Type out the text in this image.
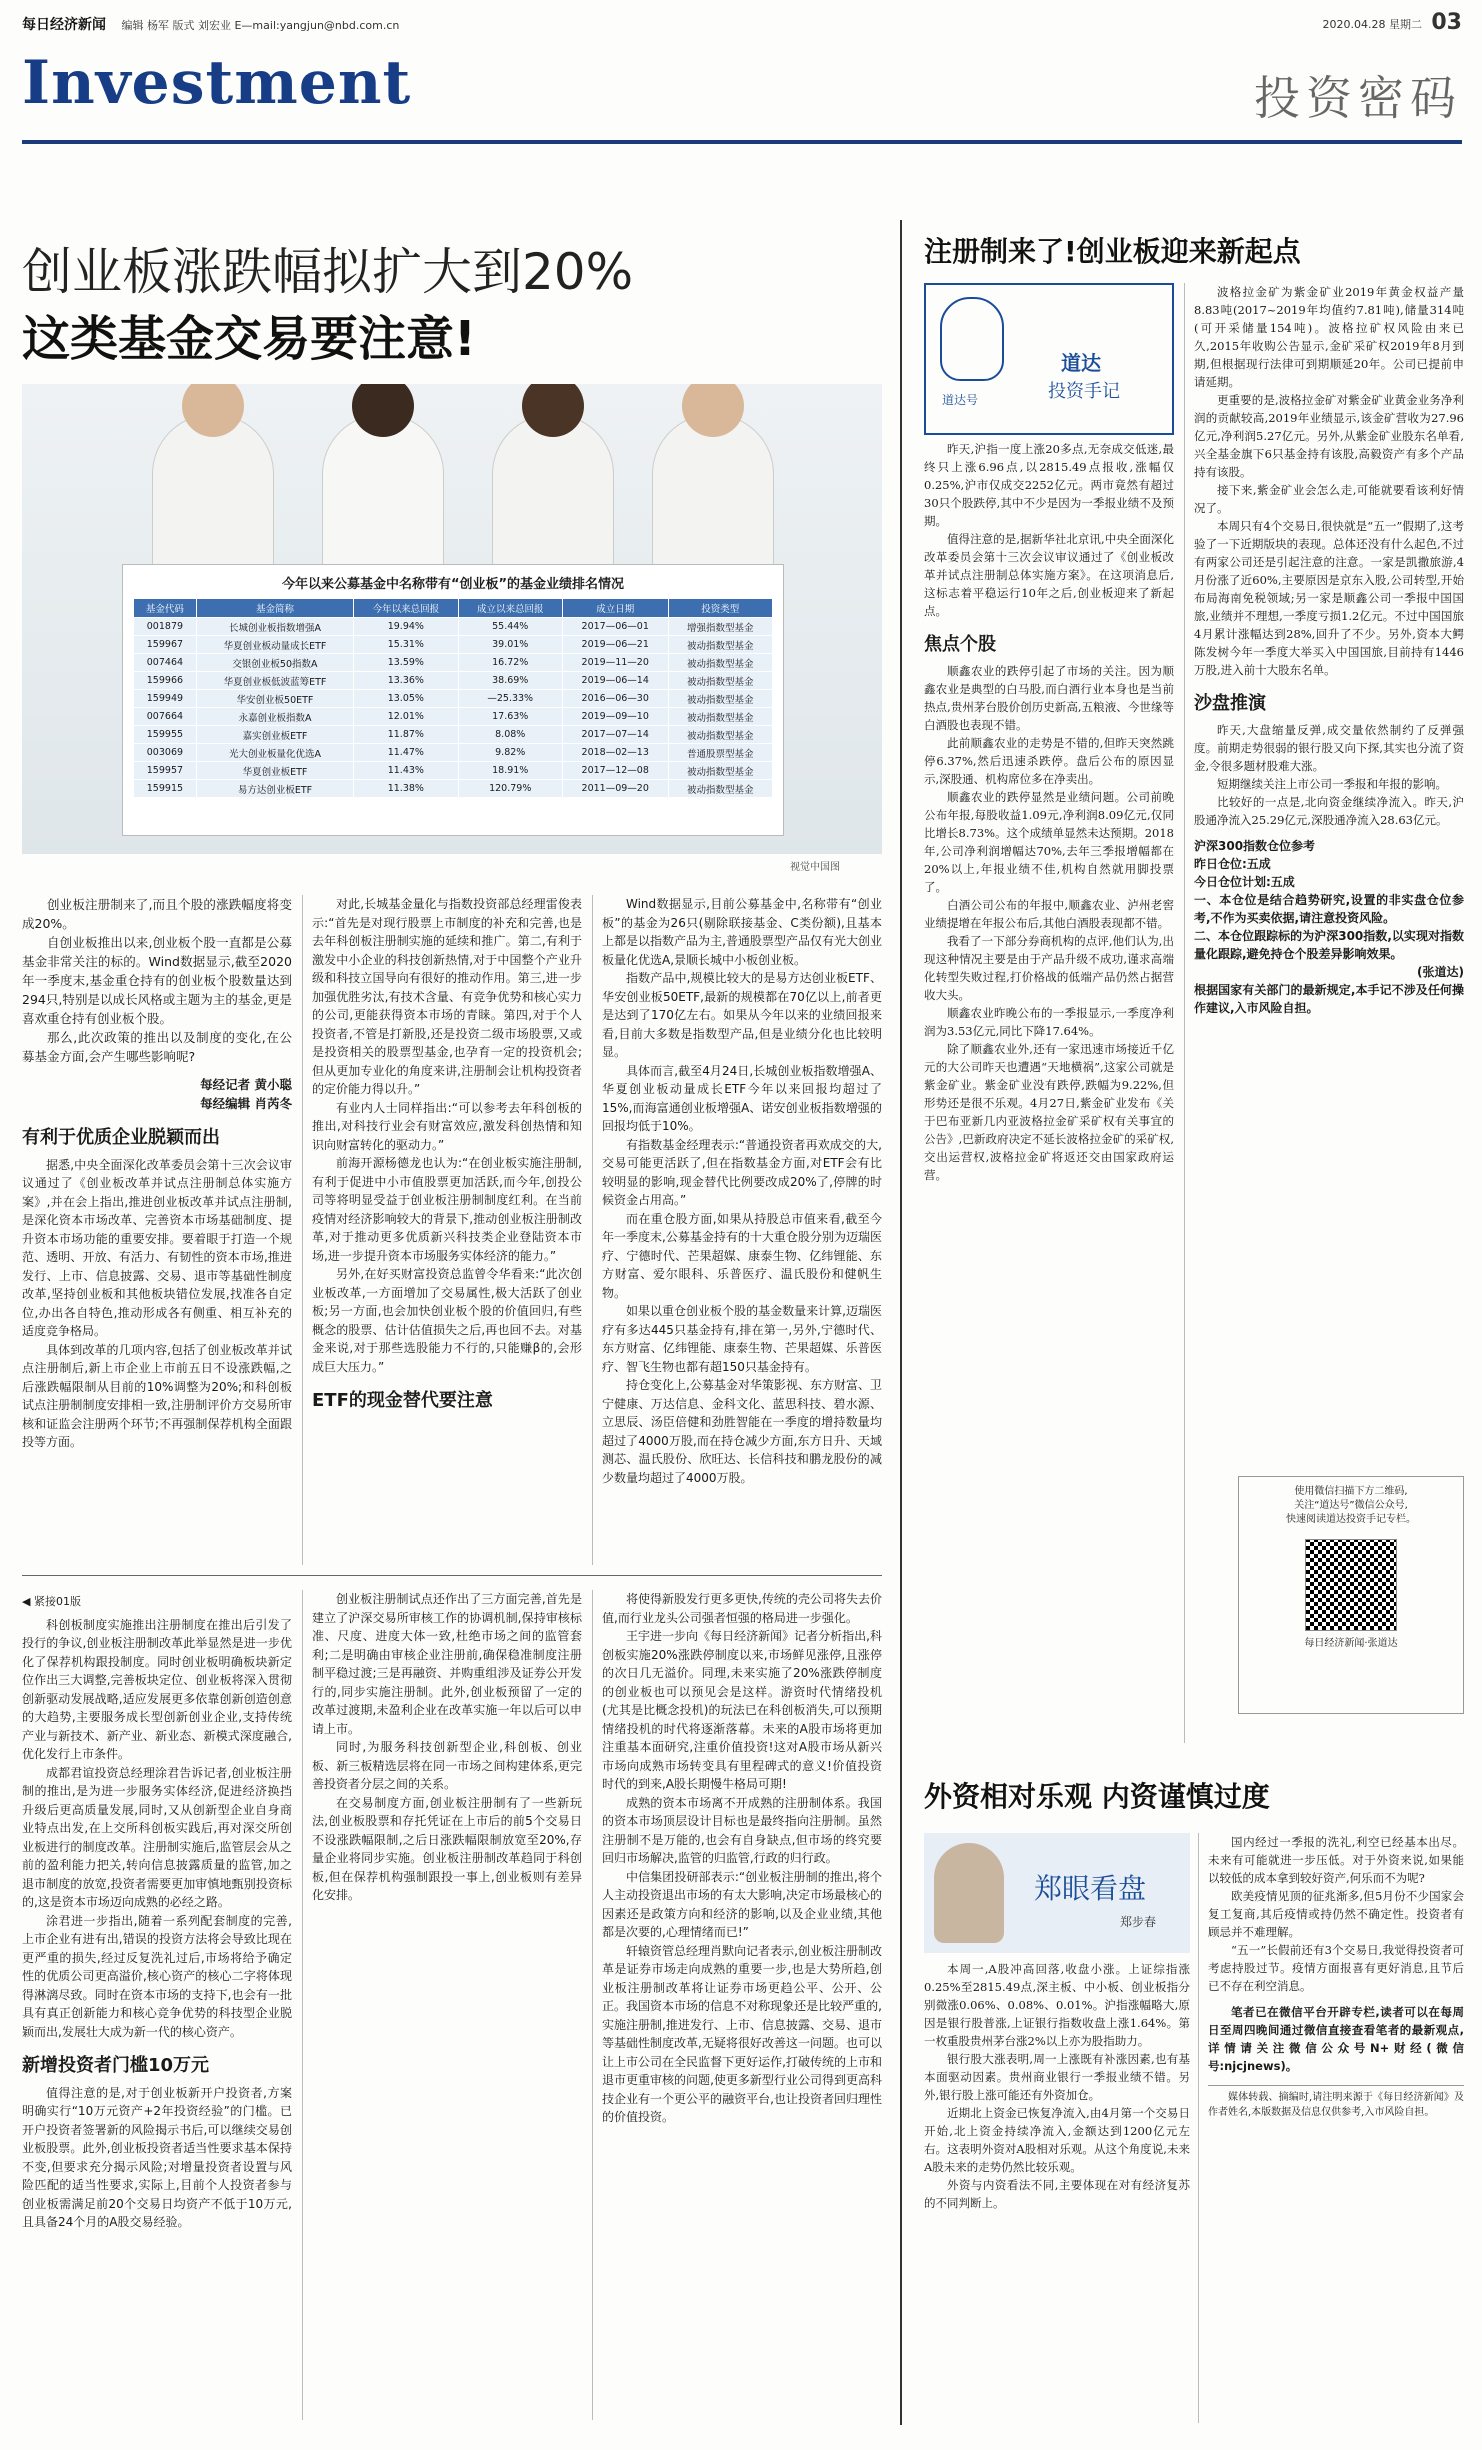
每日经济新闻 编辑 杨军 版式 刘宏业 E—mail:yangjun@nbd.com.cn	2020.04.28 星期二 03
Investment	投资密码
创业板涨跌幅拟扩大到20%
这类基金交易要注意!
今年以来公募基金中名称带有“创业板”的基金业绩排名情况
基金代码	基金简称	今年以来总回报	成立以来总回报	成立日期	投资类型
001879	长城创业板指数增强A	19.94%	55.44%	2017—06—01	增强指数型基金
159967	华夏创业板动量成长ETF	15.31%	39.01%	2019—06—21	被动指数型基金
007464	交银创业板50指数A	13.59%	16.72%	2019—11—20	被动指数型基金
159966	华夏创业板低波蓝筹ETF	13.36%	38.69%	2019—06—14	被动指数型基金
159949	华安创业板50ETF	13.05%	—25.33%	2016—06—30	被动指数型基金
007664	永嘉创业板指数A	12.01%	17.63%	2019—09—10	被动指数型基金
159955	嘉实创业板ETF	11.87%	8.08%	2017—07—14	被动指数型基金
003069	光大创业板量化优选A	11.47%	9.82%	2018—02—13	普通股票型基金
159957	华夏创业板ETF	11.43%	18.91%	2017—12—08	被动指数型基金
159915	易方达创业板ETF	11.38%	120.79%	2011—09—20	被动指数型基金
视觉中国图

创业板注册制来了,而且个股的涨跌幅度将变成20%。

自创业板推出以来,创业板个股一直都是公募基金非常关注的标的。Wind数据显示,截至2020年一季度末,基金重仓持有的创业板个股数量达到294只,特别是以成长风格或主题为主的基金,更是喜欢重仓持有创业板个股。

那么,此次政策的推出以及制度的变化,在公募基金方面,会产生哪些影响呢?

每经记者 黄小聪
每经编辑 肖芮冬
有利于优质企业脱颖而出

据悉,中央全面深化改革委员会第十三次会议审议通过了《创业板改革并试点注册制总体实施方案》,并在会上指出,推进创业板改革并试点注册制,是深化资本市场改革、完善资本市场基础制度、提升资本市场功能的重要安排。要着眼于打造一个规范、透明、开放、有活力、有韧性的资本市场,推进发行、上市、信息披露、交易、退市等基础性制度改革,坚持创业板和其他板块错位发展,找准各自定位,办出各自特色,推动形成各有侧重、相互补充的适度竞争格局。

具体到改革的几项内容,包括了创业板改革并试点注册制后,新上市企业上市前五日不设涨跌幅,之后涨跌幅限制从目前的10%调整为20%;和科创板试点注册制制度安排相一致,注册制评价方交易所审核和证监会注册两个环节;不再强制保荐机构全面跟投等方面。

对此,长城基金量化与指数投资部总经理雷俊表示:“首先是对现行股票上市制度的补充和完善,也是去年科创板注册制实施的延续和推广。第二,有利于激发中小企业的科技创新热情,对于中国整个产业升级和科技立国导向有很好的推动作用。第三,进一步加强优胜劣汰,有技术含量、有竞争优势和核心实力的公司,更能获得资本市场的青睐。第四,对于个人投资者,不管是打新股,还是投资二级市场股票,又或是投资相关的股票型基金,也孕育一定的投资机会;但从更加专业化的角度来讲,注册制会让机构投资者的定价能力得以升。”

有业内人士同样指出:“可以参考去年科创板的推出,对科技行业会有财富效应,激发科创热情和知识向财富转化的驱动力。”

前海开源杨德龙也认为:“在创业板实施注册制,有利于促进中小市值股票更加活跃,而今年,创投公司等将明显受益于创业板注册制制度红利。在当前疫情对经济影响较大的背景下,推动创业板注册制改革,对于推动更多优质新兴科技类企业登陆资本市场,进一步提升资本市场服务实体经济的能力。”

另外,在好买财富投资总监曾令华看来:“此次创业板改革,一方面增加了交易属性,极大活跃了创业板;另一方面,也会加快创业板个股的价值回归,有些概念的股票、估计估值损失之后,再也回不去。对基金来说,对于那些选股能力不行的,只能赚β的,会形成巨大压力。”

ETF的现金替代要注意

Wind数据显示,目前公募基金中,名称带有“创业板”的基金为26只(剔除联接基金、C类份额),且基本上都是以指数产品为主,普通股票型产品仅有光大创业板量化优选A,景顺长城中小板创业板。

指数产品中,规模比较大的是易方达创业板ETF、华安创业板50ETF,最新的规模都在70亿以上,前者更是达到了170亿左右。如果从今年以来的业绩回报来看,目前大多数是指数型产品,但是业绩分化也比较明显。

具体而言,截至4月24日,长城创业板指数增强A、华夏创业板动量成长ETF今年以来回报均超过了15%,而海富通创业板增强A、诺安创业板指数增强的回报均低于10%。

有指数基金经理表示:“普通投资者再欢成交的大,交易可能更活跃了,但在指数基金方面,对ETF会有比较明显的影响,现金替代比例要改成20%了,停牌的时候资金占用高。”

而在重仓股方面,如果从持股总市值来看,截至今年一季度末,公募基金持有的十大重仓股分别为迈瑞医疗、宁德时代、芒果超媒、康泰生物、亿纬锂能、东方财富、爱尔眼科、乐普医疗、温氏股份和健帆生物。

如果以重仓创业板个股的基金数量来计算,迈瑞医疗有多达445只基金持有,排在第一,另外,宁德时代、东方财富、亿纬锂能、康泰生物、芒果超媒、乐普医疗、智飞生物也都有超150只基金持有。

持仓变化上,公募基金对华策影视、东方财富、卫宁健康、万达信息、金科文化、蓝思科技、碧水源、立思辰、汤臣倍健和劲胜智能在一季度的增持数量均超过了4000万股,而在持仓减少方面,东方日升、天域测芯、温氏股份、欣旺达、长信科技和鹏龙股份的减少数量均超过了4000万股。

◀ 紧接01版

科创板制度实施推出注册制度在推出后引发了投行的争议,创业板注册制改革此举显然是进一步优化了保荐机构跟投制度。同时创业板明确板块新定位作出三大调整,完善板块定位、创业板将深入贯彻创新驱动发展战略,适应发展更多依靠创新创造创意的大趋势,主要服务成长型创新创业企业,支持传统产业与新技术、新产业、新业态、新模式深度融合,优化发行上市条件。

成都君谊投资总经理涂君告诉记者,创业板注册制的推出,是为进一步服务实体经济,促进经济换挡升级后更高质量发展,同时,又从创新型企业自身商业特点出发,在上交所科创板实践后,再对深交所创业板进行的制度改革。注册制实施后,监管层会从之前的盈利能力把关,转向信息披露质量的监管,加之退市制度的放宽,投资者需要更加审慎地甄别投资标的,这是资本市场迈向成熟的必经之路。

涂君进一步指出,随着一系列配套制度的完善,上市企业有进有出,错误的投资方法将会导致比现在更严重的损失,经过反复洗礼过后,市场将给予确定性的优质公司更高溢价,核心资产的核心二字将体现得淋漓尽致。同时在资本市场的支持下,也会有一批具有真正创新能力和核心竞争优势的科技型企业脱颖而出,发展壮大成为新一代的核心资产。

新增投资者门槛10万元

值得注意的是,对于创业板新开户投资者,方案明确实行“10万元资产+2年投资经验”的门槛。已开户投资者签署新的风险揭示书后,可以继续交易创业板股票。此外,创业板投资者适当性要求基本保持不变,但要求充分揭示风险;对增量投资者设置与风险匹配的适当性要求,实际上,目前个人投资者参与创业板需满足前20个交易日均资产不低于10万元,且具备24个月的A股交易经验。

创业板注册制试点还作出了三方面完善,首先是建立了沪深交易所审核工作的协调机制,保持审核标准、尺度、进度大体一致,杜绝市场之间的监管套利;二是明确由审核企业注册前,确保稳准制度注册制平稳过渡;三是再融资、并购重组涉及证券公开发行的,同步实施注册制。此外,创业板预留了一定的改革过渡期,未盈利企业在改革实施一年以后可以申请上市。

同时,为服务科技创新型企业,科创板、创业板、新三板精选层将在同一市场之间构建体系,更完善投资者分层之间的关系。

在交易制度方面,创业板注册制有了一些新玩法,创业板股票和存托凭证在上市后的前5个交易日不设涨跌幅限制,之后日涨跌幅限制放宽至20%,存量企业将同步实施。创业板注册制改革趋同于科创板,但在保荐机构强制跟投一事上,创业板则有差异化安排。

将使得新股发行更多更快,传统的壳公司将失去价值,而行业龙头公司强者恒强的格局进一步强化。

王宇进一步向《每日经济新闻》记者分析指出,科创板实施20%涨跌停制度以来,市场鲜见涨停,且涨停的次日几无溢价。同理,未来实施了20%涨跌停制度的创业板也可以预见会是这样。游资时代情绪投机(尤其是比概念投机)的玩法已在科创板消失,可以预期情绪投机的时代将逐渐落幕。未来的A股市场将更加注重基本面研究,注重价值投资!这对A股市场从新兴市场向成熟市场转变具有里程碑式的意义!价值投资时代的到来,A股长期慢牛格局可期!

成熟的资本市场离不开成熟的注册制体系。我国的资本市场顶层设计目标也是最终指向注册制。虽然注册制不是万能的,也会有自身缺点,但市场的终究要回归市场解决,监管的归监管,行政的归行政。

中信集团投研部表示:“创业板注册制的推出,将个人主动投资退出市场的有太大影响,决定市场最核心的因素还是政策方向和经济的影响,以及企业业绩,其他都是次要的,心理情绪而已!”

轩辕资管总经理肖默向记者表示,创业板注册制改革是证券市场走向成熟的重要一步,也是大势所趋,创业板注册制改革将让证券市场更趋公平、公开、公正。我国资本市场的信息不对称现象还是比较严重的,实施注册制,推进发行、上市、信息披露、交易、退市等基础性制度改革,无疑将很好改善这一问题。也可以让上市公司在全民监督下更好运作,打破传统的上市和退市更重审核的问题,使更多新型行业公司得到更高科技企业有一个更公平的融资平台,也让投资者回归理性的价值投资。

注册制来了!创业板迎来新起点
道达号
道达
投资手记

昨天,沪指一度上涨20多点,无奈成交低迷,最终只上涨6.96点,以2815.49点报收,涨幅仅0.25%,沪市仅成交2252亿元。两市竟然有超过30只个股跌停,其中不少是因为一季报业绩不及预期。

值得注意的是,据新华社北京讯,中央全面深化改革委员会第十三次会议审议通过了《创业板改革并试点注册制总体实施方案》。在这项消息后,这标志着平稳运行10年之后,创业板迎来了新起点。

焦点个股

顺鑫农业的跌停引起了市场的关注。因为顺鑫农业是典型的白马股,而白酒行业本身也是当前热点,贵州茅台股价创历史新高,五粮液、今世缘等白酒股也表现不错。

此前顺鑫农业的走势是不错的,但昨天突然跳停6.37%,然后迅速杀跌停。盘后公布的原因显示,深股通、机构席位多在净卖出。

顺鑫农业的跌停显然是业绩问题。公司前晚公布年报,每股收益1.09元,净利润8.09亿元,仅同比增长8.73%。这个成绩单显然未达预期。2018年,公司净利润增幅达70%,去年三季报增幅都在20%以上,年报业绩不佳,机构自然就用脚投票了。

白酒公司公布的年报中,顺鑫农业、泸州老窖业绩提增在年报公布后,其他白酒股表现都不错。

我看了一下部分券商机构的点评,他们认为,出现这种情况主要是由于产品升级不成功,谨求高端化转型失败过程,打价格战的低端产品仍然占据营收大头。

顺鑫农业昨晚公布的一季报显示,一季度净利润为3.53亿元,同比下降17.64%。

除了顺鑫农业外,还有一家迅速市场接近千亿元的大公司昨天也遭遇“天地横祸”,这家公司就是紫金矿业。紫金矿业没有跌停,跌幅为9.22%,但形势还是很不乐观。4月27日,紫金矿业发布《关于巴布亚新几内亚波格拉金矿采矿权有关事宜的公告》,巴新政府决定不延长波格拉金矿的采矿权,交出运营权,波格拉金矿将返还交由国家政府运营。

波格拉金矿为紫金矿业2019年黄金权益产量8.83吨(2017~2019年均值约7.81吨),储量314吨(可开采储量154吨)。波格拉矿权风险由来已久,2015年收购公告显示,金矿采矿权2019年8月到期,但根据现行法律可到期顺延20年。公司已提前申请延期。

更重要的是,波格拉金矿对紫金矿业黄金业务净利润的贡献较高,2019年业绩显示,该金矿营收为27.96亿元,净利润5.27亿元。另外,从紫金矿业股东名单看,兴全基金旗下6只基金持有该股,高毅资产有多个产品持有该股。

接下来,紫金矿业会怎么走,可能就要看该利好情况了。

本周只有4个交易日,很快就是“五一”假期了,这考验了一下近期版块的表现。总体还没有什么起色,不过有两家公司还是引起注意的注意。一家是凯撒旅游,4月份涨了近60%,主要原因是京东入股,公司转型,开始布局海南免税领域;另一家是顺鑫公司一季报中国国旅,业绩并不理想,一季度亏损1.2亿元。不过中国国旅4月累计涨幅达到28%,回升了不少。另外,资本大鳄陈发树今年一季度大举买入中国国旅,目前持有1446万股,进入前十大股东名单。

沙盘推演

昨天,大盘缩量反弹,成交量依然制约了反弹强度。前期走势很弱的银行股又向下探,其实也分流了资金,令很多题材股难大涨。

短期继续关注上市公司一季报和年报的影响。

比较好的一点是,北向资金继续净流入。昨天,沪股通净流入25.29亿元,深股通净流入28.63亿元。

沪深300指数仓位参考
昨日仓位:五成
今日仓位计划:五成
一、本仓位是结合趋势研究,设置的非实盘仓位参考,不作为买卖依据,请注意投资风险。
二、本仓位跟踪标的为沪深300指数,以实现对指数量化跟踪,避免持仓个股差异影响效果。
(张道达)
根据国家有关部门的最新规定,本手记不涉及任何操作建议,入市风险自担。
使用微信扫描下方二维码,
关注“道达号”微信公众号,
快速阅读道达投资手记专栏。
每日经济新闻·张道达
外资相对乐观 内资谨慎过度
郑眼看盘
郑步春

本周一,A股冲高回落,收盘小涨。上证综指涨0.25%至2815.49点,深主板、中小板、创业板指分别微涨0.06%、0.08%、0.01%。沪指涨幅略大,原因是银行股普涨,上证银行指数收盘上涨1.64%。第一枚重股贵州茅台涨2%以上亦为股指助力。

银行股大涨表明,周一上涨既有补涨因素,也有基本面驱动因素。贵州商业银行一季报业绩不错。另外,银行股上涨可能还有外资加仓。

近期北上资金已恢复净流入,由4月第一个交易日开始,北上资金持续净流入,金额达到1200亿元左右。这表明外资对A股相对乐观。从这个角度说,未来A股未来的走势仍然比较乐观。

外资与内资看法不同,主要体现在对有经济复苏的不同判断上。

国内经过一季报的洗礼,利空已经基本出尽。未来有可能就进一步压低。对于外资来说,如果能以较低的成本拿到较好资产,何乐而不为呢?

欧美疫情见顶的征兆渐多,但5月份不少国家会复工复商,其后疫情或持仍然不确定性。投资者有顾忌并不难理解。

“五一”长假前还有3个交易日,我觉得投资者可考虑持股过节。疫情方面报喜有更好消息,且节后已不存在利空消息。

笔者已在微信平台开辟专栏,读者可以在每周日至周四晚间通过微信直接查看笔者的最新观点,详情请关注微信公众号N+财经(微信号:njcjnews)。

媒体转载、摘编时,请注明来源于《每日经济新闻》及作者姓名,本版数据及信息仅供参考,入市风险自担。
